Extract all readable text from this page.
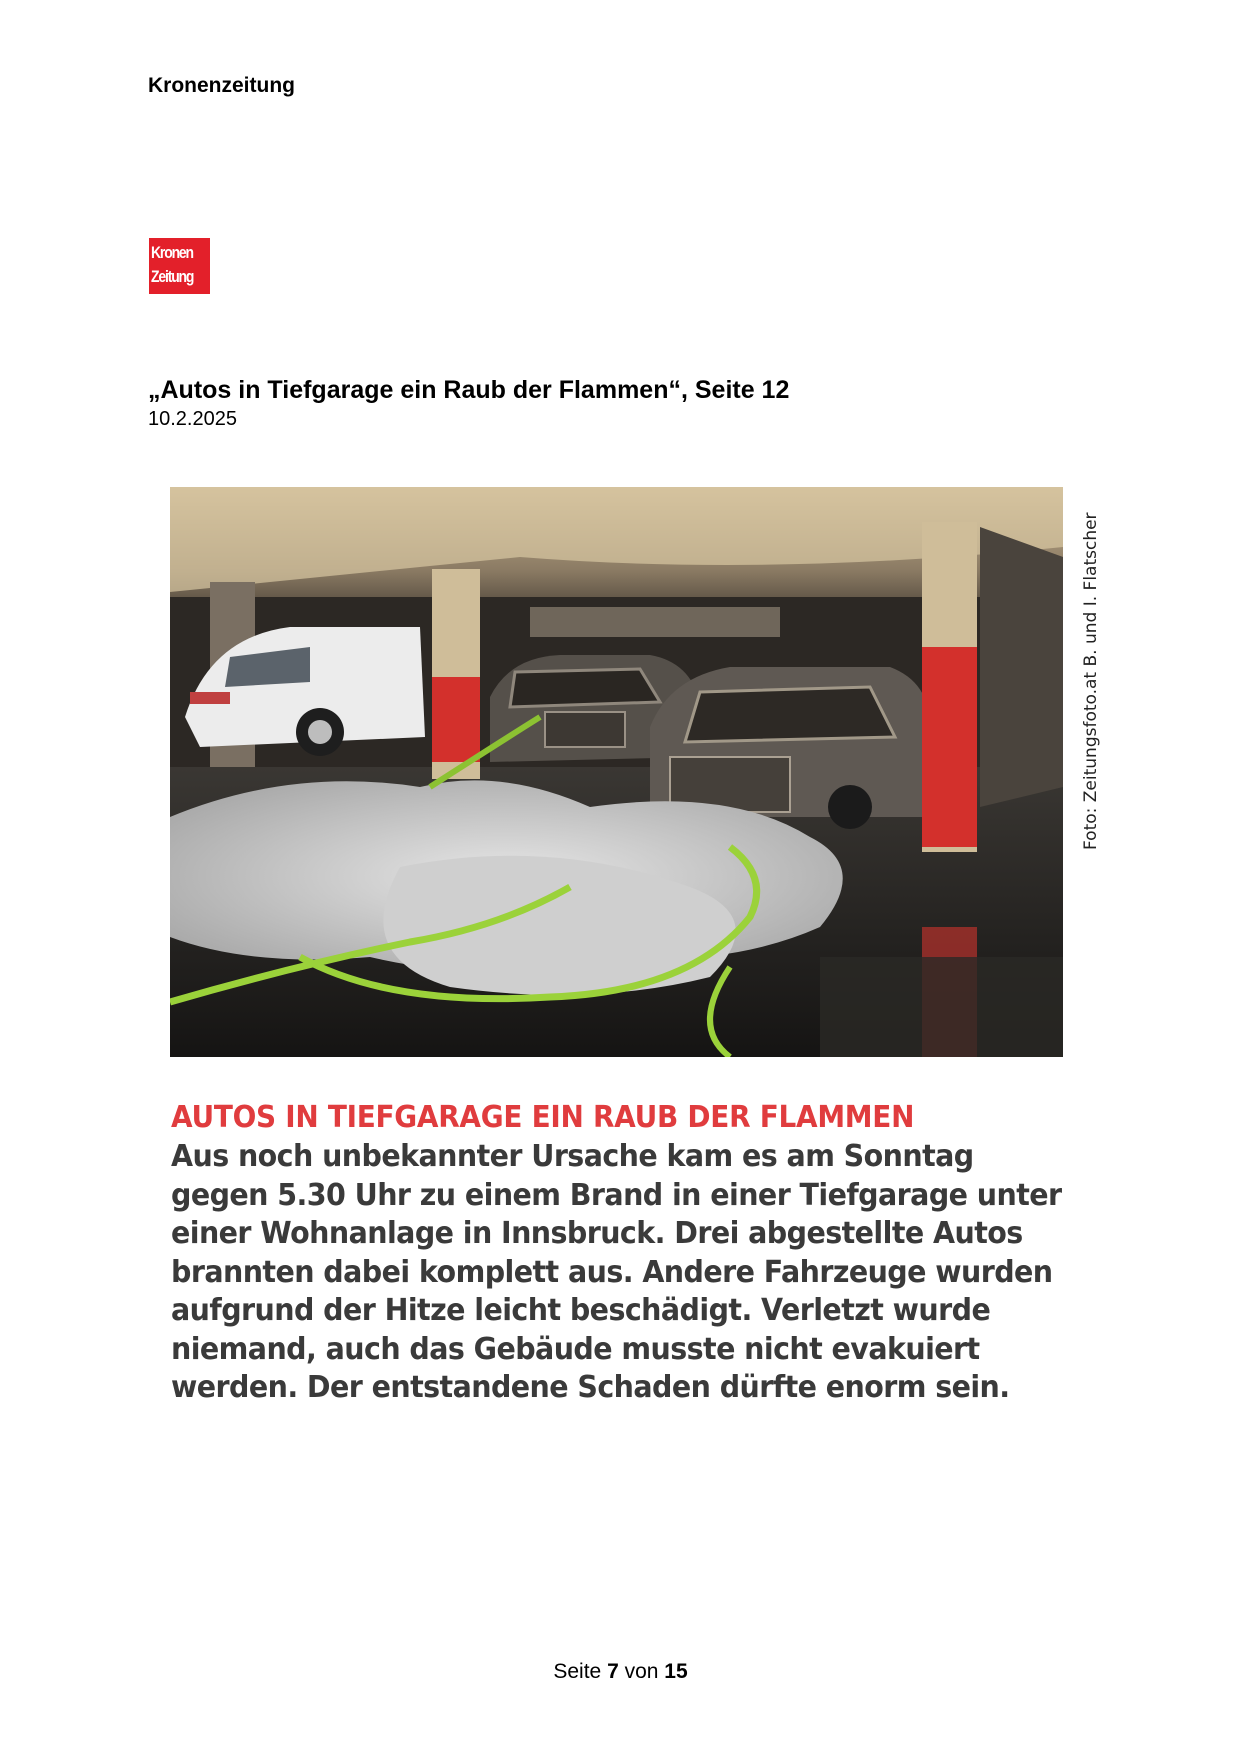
Kronenzeitung
Kronen
Zeitung
„Autos in Tiefgarage ein Raub der Flammen“, Seite 12
10.2.2025
Foto: Zeitungsfoto.at B. und I. Flatscher
AUTOS IN TIEFGARAGE EIN RAUB DER FLAMMEN
Aus noch unbekannter Ursache kam es am Sonntag
gegen 5.30 Uhr zu einem Brand in einer Tiefgarage unter
einer Wohnanlage in Innsbruck. Drei abgestellte Autos
brannten dabei komplett aus. Andere Fahrzeuge wurden
aufgrund der Hitze leicht beschädigt. Verletzt wurde
niemand, auch das Gebäude musste nicht evakuiert
werden. Der entstandene Schaden dürfte enorm sein.
Seite 7 von 15
